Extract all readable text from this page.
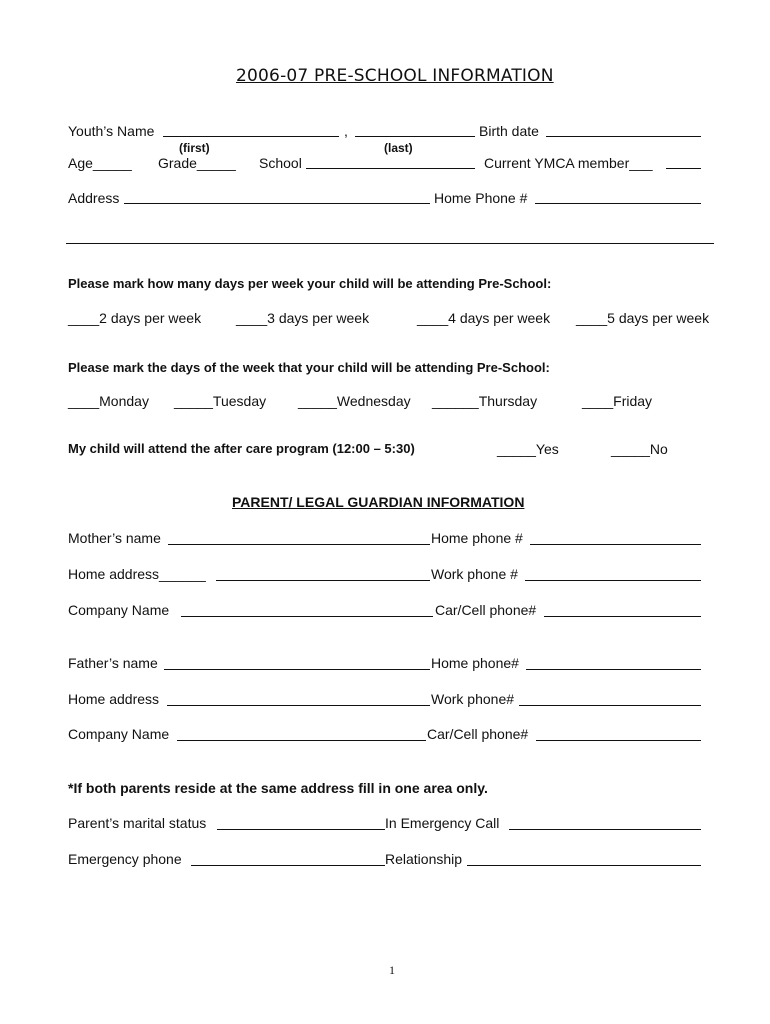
2006-07 PRE-SCHOOL INFORMATION
Youth’s Name	,	Birth date
(first)	(last)
Age_____ Grade_____ School	Current YMCA member___
Address	Home Phone #
Please mark how many days per week your child will be attending Pre-School:
____2 days per week ____3 days per week	____4 days per week ____5 days per week
Please mark the days of the week that your child will be attending Pre-School:
____Monday _____Tuesday _____Wednesday ______Thursday	____Friday
My child will attend the after care program (12:00 – 5:30)	_____Yes	_____No
PARENT/ LEGAL GUARDIAN INFORMATION
Mother’s name	Home phone #
Home address______	Work phone #
Company Name	Car/Cell phone#
Father’s name	Home phone#
Home address	Work phone#
Company Name	Car/Cell phone#
*If both parents reside at the same address fill in one area only.
Parent’s marital status	In Emergency Call
Emergency phone	Relationship
1
